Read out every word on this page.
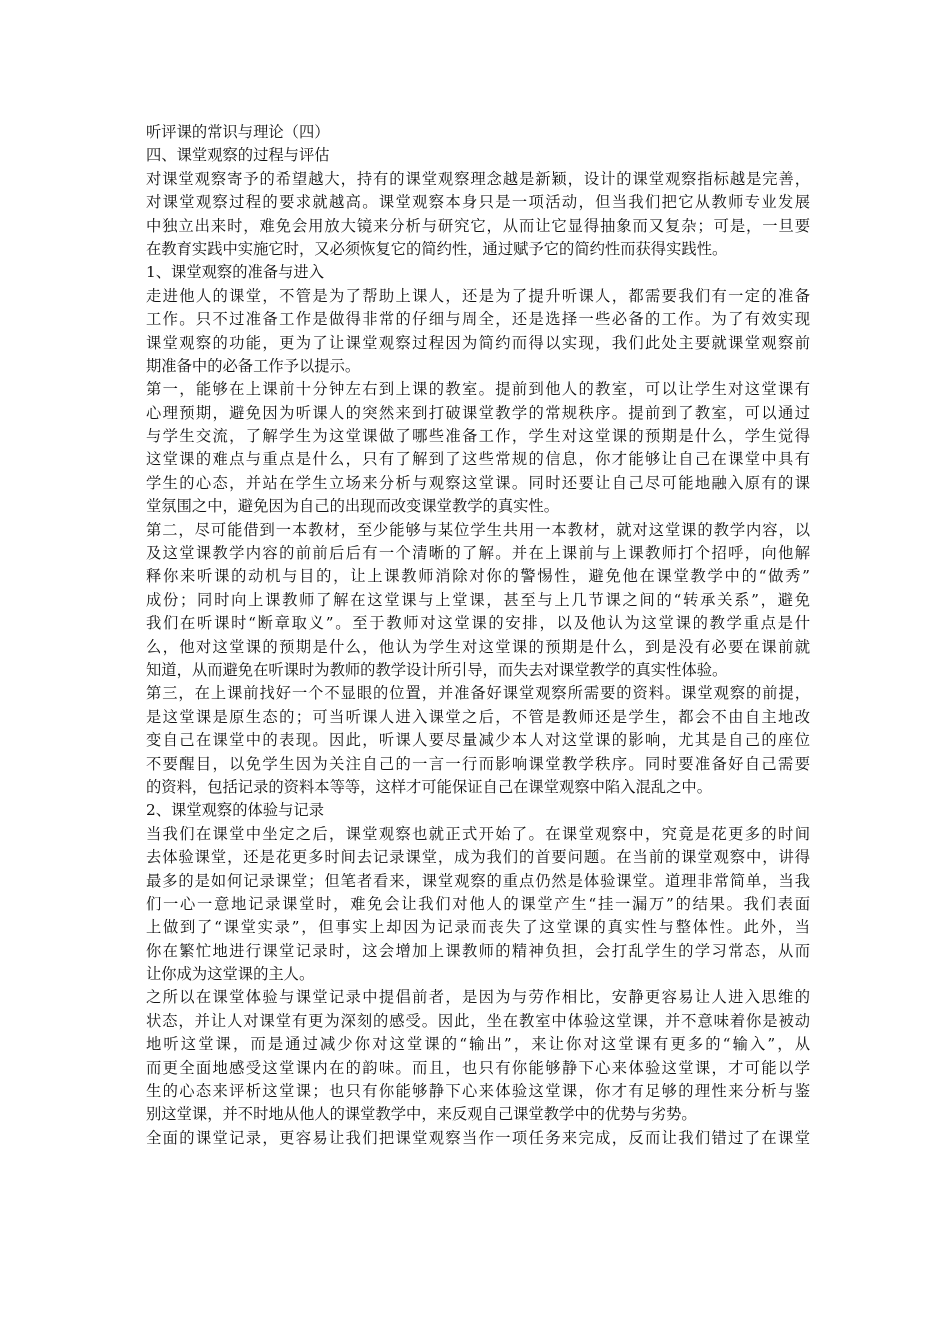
听评课的常识与理论（四）
四、课堂观察的过程与评估
对课堂观察寄予的希望越大，持有的课堂观察理念越是新颖，设计的课堂观察指标越是完善，
对课堂观察过程的要求就越高。课堂观察本身只是一项活动，但当我们把它从教师专业发展
中独立出来时，难免会用放大镜来分析与研究它，从而让它显得抽象而又复杂；可是，一旦要
在教育实践中实施它时，又必须恢复它的简约性，通过赋予它的简约性而获得实践性。
1、课堂观察的准备与进入
走进他人的课堂，不管是为了帮助上课人，还是为了提升听课人，都需要我们有一定的准备
工作。只不过准备工作是做得非常的仔细与周全，还是选择一些必备的工作。为了有效实现
课堂观察的功能，更为了让课堂观察过程因为简约而得以实现，我们此处主要就课堂观察前
期准备中的必备工作予以提示。
第一，能够在上课前十分钟左右到上课的教室。提前到他人的教室，可以让学生对这堂课有
心理预期，避免因为听课人的突然来到打破课堂教学的常规秩序。提前到了教室，可以通过
与学生交流，了解学生为这堂课做了哪些准备工作，学生对这堂课的预期是什么，学生觉得
这堂课的难点与重点是什么，只有了解到了这些常规的信息，你才能够让自己在课堂中具有
学生的心态，并站在学生立场来分析与观察这堂课。同时还要让自己尽可能地融入原有的课
堂氛围之中，避免因为自己的出现而改变课堂教学的真实性。
第二，尽可能借到一本教材，至少能够与某位学生共用一本教材，就对这堂课的教学内容，以
及这堂课教学内容的前前后后有一个清晰的了解。并在上课前与上课教师打个招呼，向他解
释你来听课的动机与目的，让上课教师消除对你的警惕性，避免他在课堂教学中的“做秀”
成份；同时向上课教师了解在这堂课与上堂课，甚至与上几节课之间的“转承关系”，避免
我们在听课时“断章取义”。至于教师对这堂课的安排，以及他认为这堂课的教学重点是什
么，他对这堂课的预期是什么，他认为学生对这堂课的预期是什么，到是没有必要在课前就
知道，从而避免在听课时为教师的教学设计所引导，而失去对课堂教学的真实性体验。
第三，在上课前找好一个不显眼的位置，并准备好课堂观察所需要的资料。课堂观察的前提，
是这堂课是原生态的；可当听课人进入课堂之后，不管是教师还是学生，都会不由自主地改
变自己在课堂中的表现。因此，听课人要尽量减少本人对这堂课的影响，尤其是自己的座位
不要醒目，以免学生因为关注自己的一言一行而影响课堂教学秩序。同时要准备好自己需要
的资料，包括记录的资料本等等，这样才可能保证自己在课堂观察中陷入混乱之中。
2、课堂观察的体验与记录
当我们在课堂中坐定之后，课堂观察也就正式开始了。在课堂观察中，究竟是花更多的时间
去体验课堂，还是花更多时间去记录课堂，成为我们的首要问题。在当前的课堂观察中，讲得
最多的是如何记录课堂；但笔者看来，课堂观察的重点仍然是体验课堂。道理非常简单，当我
们一心一意地记录课堂时，难免会让我们对他人的课堂产生“挂一漏万”的结果。我们表面
上做到了“课堂实录”，但事实上却因为记录而丧失了这堂课的真实性与整体性。此外，当
你在繁忙地进行课堂记录时，这会增加上课教师的精神负担，会打乱学生的学习常态，从而
让你成为这堂课的主人。
之所以在课堂体验与课堂记录中提倡前者，是因为与劳作相比，安静更容易让人进入思维的
状态，并让人对课堂有更为深刻的感受。因此，坐在教室中体验这堂课，并不意味着你是被动
地听这堂课，而是通过减少你对这堂课的“输出”，来让你对这堂课有更多的“输入”，从
而更全面地感受这堂课内在的韵味。而且，也只有你能够静下心来体验这堂课，才可能以学
生的心态来评析这堂课；也只有你能够静下心来体验这堂课，你才有足够的理性来分析与鉴
别这堂课，并不时地从他人的课堂教学中，来反观自己课堂教学中的优势与劣势。
全面的课堂记录，更容易让我们把课堂观察当作一项任务来完成，反而让我们错过了在课堂
